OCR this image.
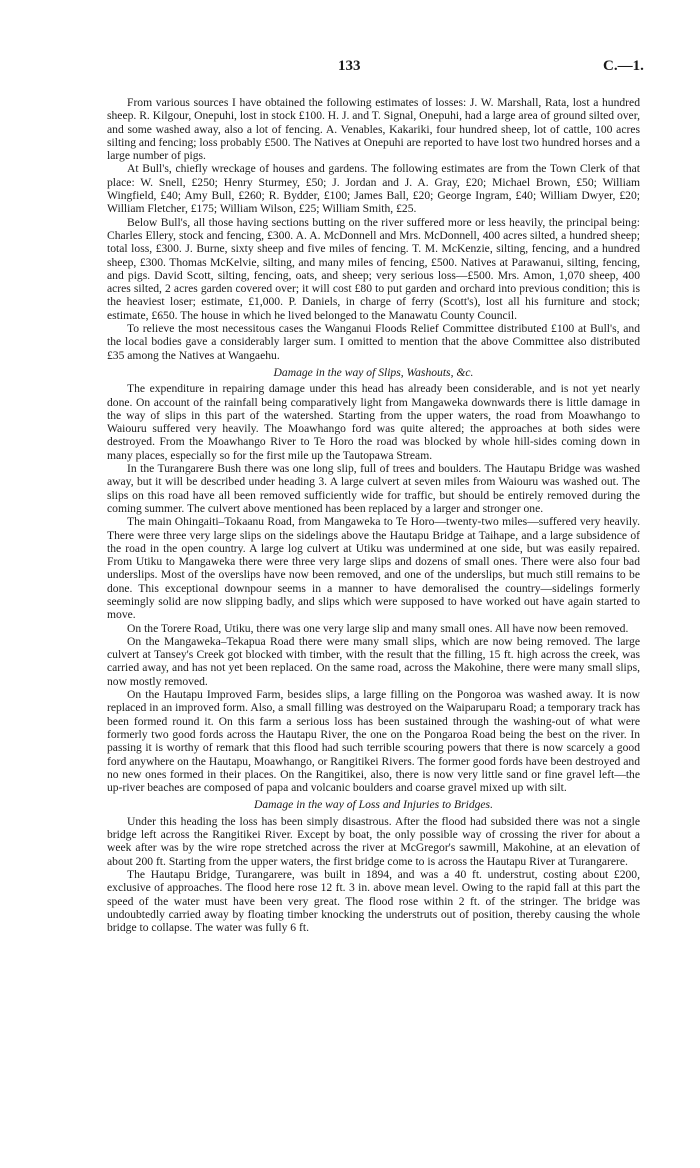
133	C.—1.

From various sources I have obtained the following estimates of losses: J. W. Marshall, Rata, lost a hundred sheep. R. Kilgour, Onepuhi, lost in stock £100. H. J. and T. Signal, Onepuhi, had a large area of ground silted over, and some washed away, also a lot of fencing. A. Venables, Kakariki, four hundred sheep, lot of cattle, 100 acres silting and fencing; loss probably £500. The Natives at Onepuhi are reported to have lost two hundred horses and a large number of pigs.

At Bull's, chiefly wreckage of houses and gardens. The following estimates are from the Town Clerk of that place: W. Snell, £250; Henry Sturmey, £50; J. Jordan and J. A. Gray, £20; Michael Brown, £50; William Wingfield, £40; Amy Bull, £260; R. Bydder, £100; James Ball, £20; George Ingram, £40; William Dwyer, £20; William Fletcher, £175; William Wilson, £25; William Smith, £25.

Below Bull's, all those having sections butting on the river suffered more or less heavily, the principal being: Charles Ellery, stock and fencing, £300. A. A. McDonnell and Mrs. McDonnell, 400 acres silted, a hundred sheep; total loss, £300. J. Burne, sixty sheep and five miles of fencing. T. M. McKenzie, silting, fencing, and a hundred sheep, £300. Thomas McKelvie, silting, and many miles of fencing, £500. Natives at Parawanui, silting, fencing, and pigs. David Scott, silting, fencing, oats, and sheep; very serious loss—£500. Mrs. Amon, 1,070 sheep, 400 acres silted, 2 acres garden covered over; it will cost £80 to put garden and orchard into previous condition; this is the heaviest loser; estimate, £1,000. P. Daniels, in charge of ferry (Scott's), lost all his furniture and stock; estimate, £650. The house in which he lived belonged to the Manawatu County Council.

To relieve the most necessitous cases the Wanganui Floods Relief Committee distributed £100 at Bull's, and the local bodies gave a considerably larger sum. I omitted to mention that the above Committee also distributed £35 among the Natives at Wangaehu.

Damage in the way of Slips, Washouts, &c.

The expenditure in repairing damage under this head has already been considerable, and is not yet nearly done. On account of the rainfall being comparatively light from Mangaweka downwards there is little damage in the way of slips in this part of the watershed. Starting from the upper waters, the road from Moawhango to Waiouru suffered very heavily. The Moawhango ford was quite altered; the approaches at both sides were destroyed. From the Moawhango River to Te Horo the road was blocked by whole hill-sides coming down in many places, especially so for the first mile up the Tautopawa Stream.

In the Turangarere Bush there was one long slip, full of trees and boulders. The Hautapu Bridge was washed away, but it will be described under heading 3. A large culvert at seven miles from Waiouru was washed out. The slips on this road have all been removed sufficiently wide for traffic, but should be entirely removed during the coming summer. The culvert above mentioned has been replaced by a larger and stronger one.

The main Ohingaiti–Tokaanu Road, from Mangaweka to Te Horo—twenty-two miles—suffered very heavily. There were three very large slips on the sidelings above the Hautapu Bridge at Taihape, and a large subsidence of the road in the open country. A large log culvert at Utiku was undermined at one side, but was easily repaired. From Utiku to Mangaweka there were three very large slips and dozens of small ones. There were also four bad underslips. Most of the overslips have now been removed, and one of the underslips, but much still remains to be done. This exceptional downpour seems in a manner to have demoralised the country—sidelings formerly seemingly solid are now slipping badly, and slips which were supposed to have worked out have again started to move.

On the Torere Road, Utiku, there was one very large slip and many small ones. All have now been removed.

On the Mangaweka–Tekapua Road there were many small slips, which are now being removed. The large culvert at Tansey's Creek got blocked with timber, with the result that the filling, 15 ft. high across the creek, was carried away, and has not yet been replaced. On the same road, across the Makohine, there were many small slips, now mostly removed.

On the Hautapu Improved Farm, besides slips, a large filling on the Pongoroa was washed away. It is now replaced in an improved form. Also, a small filling was destroyed on the Waiparuparu Road; a temporary track has been formed round it. On this farm a serious loss has been sustained through the washing-out of what were formerly two good fords across the Hautapu River, the one on the Pongaroa Road being the best on the river. In passing it is worthy of remark that this flood had such terrible scouring powers that there is now scarcely a good ford anywhere on the Hautapu, Moawhango, or Rangitikei Rivers. The former good fords have been destroyed and no new ones formed in their places. On the Rangitikei, also, there is now very little sand or fine gravel left—the up-river beaches are composed of papa and volcanic boulders and coarse gravel mixed up with silt.

Damage in the way of Loss and Injuries to Bridges.

Under this heading the loss has been simply disastrous. After the flood had subsided there was not a single bridge left across the Rangitikei River. Except by boat, the only possible way of crossing the river for about a week after was by the wire rope stretched across the river at McGregor's sawmill, Makohine, at an elevation of about 200 ft. Starting from the upper waters, the first bridge come to is across the Hautapu River at Turangarere.

The Hautapu Bridge, Turangarere, was built in 1894, and was a 40 ft. understrut, costing about £200, exclusive of approaches. The flood here rose 12 ft. 3 in. above mean level. Owing to the rapid fall at this part the speed of the water must have been very great. The flood rose within 2 ft. of the stringer. The bridge was undoubtedly carried away by floating timber knocking the understruts out of position, thereby causing the whole bridge to collapse. The water was fully 6 ft.
